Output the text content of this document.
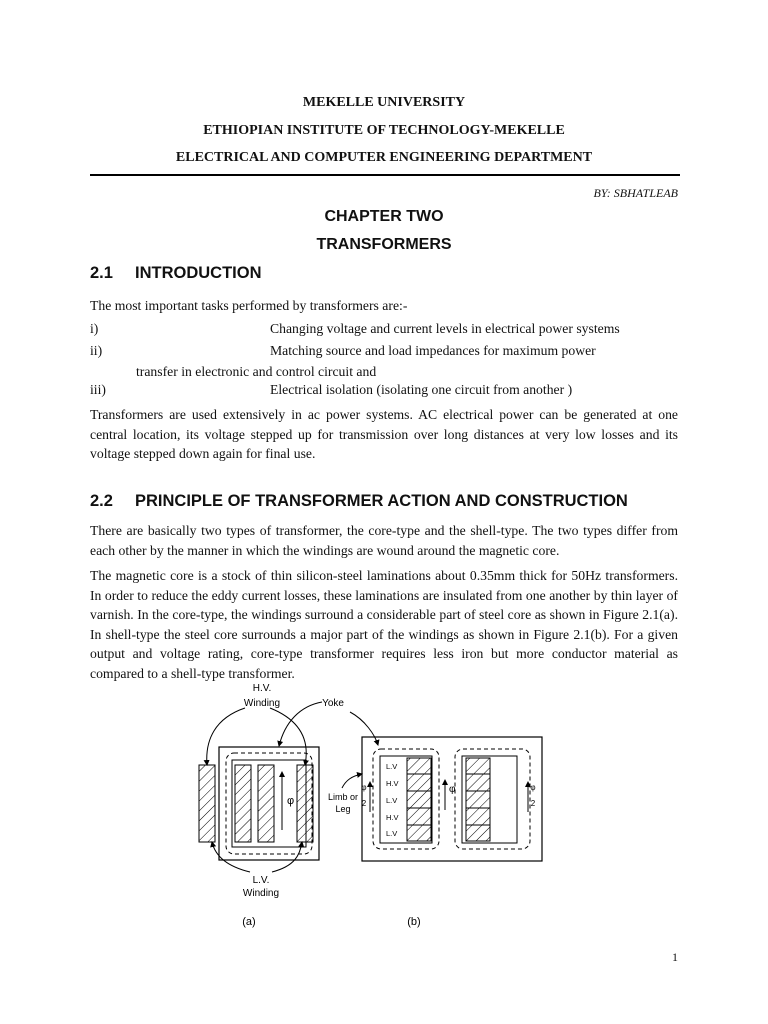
MEKELLE UNIVERSITY
ETHIOPIAN INSTITUTE OF TECHNOLOGY-MEKELLE
ELECTRICAL AND COMPUTER ENGINEERING DEPARTMENT
BY: SBHATLEAB
CHAPTER TWO
TRANSFORMERS
2.1 INTRODUCTION

The most important tasks performed by transformers are:-

i)	Changing voltage and current levels in electrical power systems
ii)	Matching source and load impedances for maximum power
transfer in electronic and control circuit and
iii)	Electrical isolation (isolating one circuit from another )

Transformers are used extensively in ac power systems. AC electrical power can be generated at one central location, its voltage stepped up for transmission over long distances at very low losses and its voltage stepped down again for final use.

2.2 PRINCIPLE OF TRANSFORMER ACTION AND CONSTRUCTION

There are basically two types of transformer, the core-type and the shell-type. The two types differ from each other by the manner in which the windings are wound around the magnetic core.

The magnetic core is a stock of thin silicon-steel laminations about 0.35mm thick for 50Hz transformers. In order to reduce the eddy current losses, these laminations are insulated from one another by thin layer of varnish. In the core-type, the windings surround a considerable part of steel core as shown in Figure 2.1(a). In shell-type the steel core surrounds a major part of the windings as shown in Figure 2.1(b). For a given output and voltage rating, core-type transformer requires less iron but more conductor material as compared to a shell-type transformer.

φ
H.V.
Winding	Yoke
L.V.
Winding
(a)
L.V
H.V
L.V
H.V
L.V
φ
φ
2
φ
2
Limb or
Leg
(b)
1
